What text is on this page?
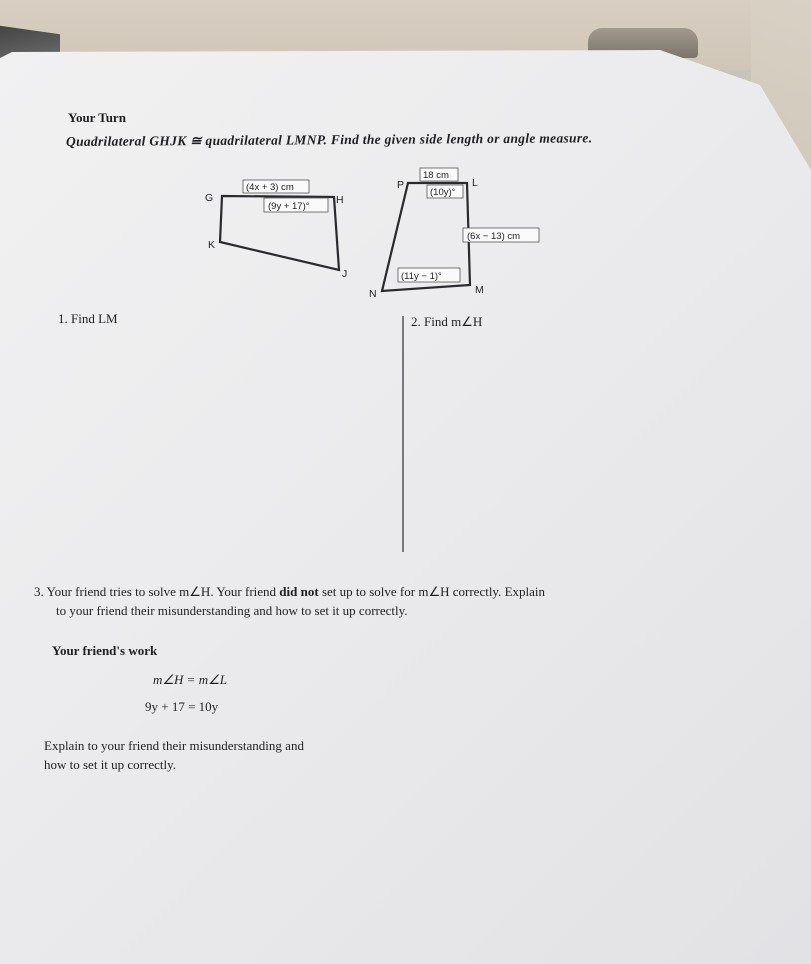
Your Turn
Quadrilateral GHJK ≅ quadrilateral LMNP. Find the given side length or angle measure.
G	H
J
K
(4x + 3) cm
(9y + 17)°
P	L
M
N
18 cm
(10y)°
(6x − 13) cm
(11y − 1)°
1. Find LM	2. Find m∠H
3. Your friend tries to solve m∠H. Your friend did not set up to solve for m∠H correctly. Explain
to your friend their misunderstanding and how to set it up correctly.
Your friend's work
m∠H = m∠L
9y + 17 = 10y
Explain to your friend their misunderstanding and
how to set it up correctly.
